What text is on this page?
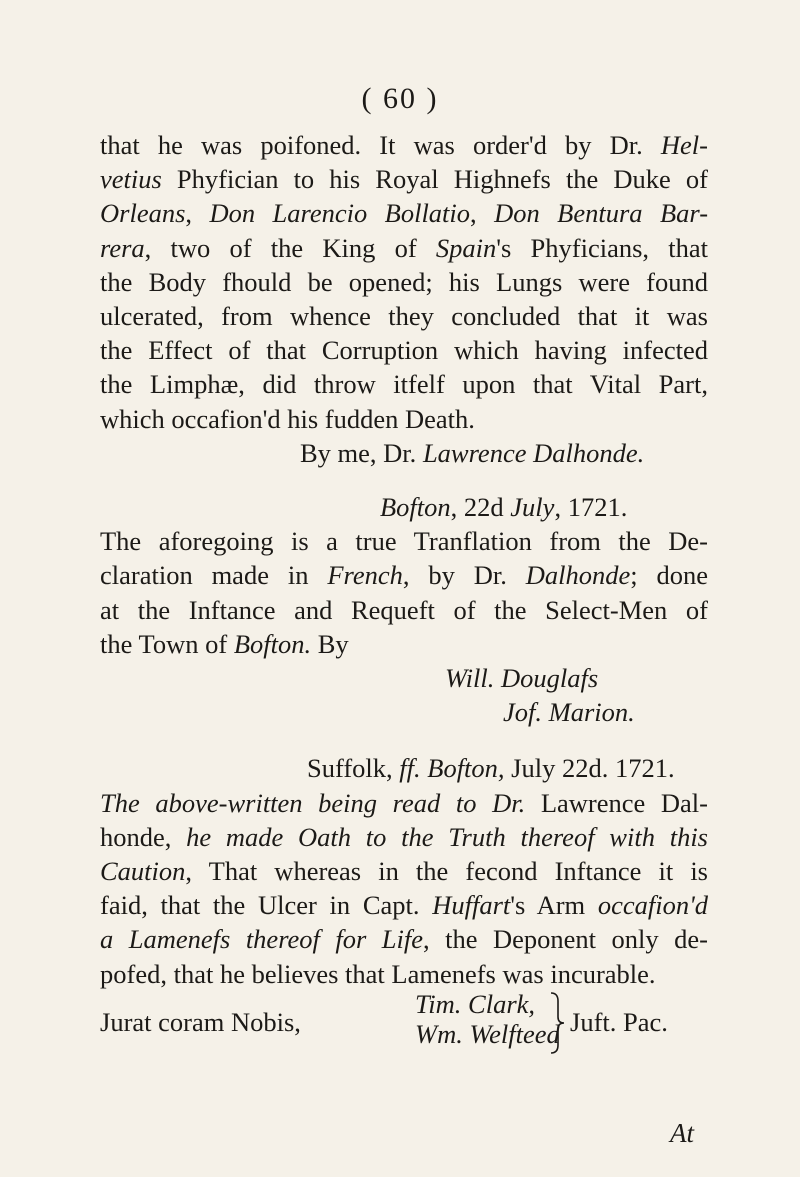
( 60 )
that he was poifoned. It was order'd by Dr. Hel-
vetius Phyfician to his Royal Highnefs the Duke of
Orleans, Don Larencio Bollatio, Don Bentura Bar-
rera, two of the King of Spain's Phyficians, that
the Body fhould be opened; his Lungs were found
ulcerated, from whence they concluded that it was
the Effect of that Corruption which having infected
the Limphæ, did throw itfelf upon that Vital Part,
which occafion'd his fudden Death.
By me, Dr. Lawrence Dalhonde.
Bofton, 22d July, 1721.
The aforegoing is a true Tranflation from the De-
claration made in French, by Dr. Dalhonde; done
at the Inftance and Requeft of the Select-Men of
the Town of Bofton. By
Will. Douglafs
Jof. Marion.
Suffolk, ff. Bofton, July 22d. 1721.
The above-written being read to Dr. Lawrence Dal-
honde, he made Oath to the Truth thereof with this
Caution, That whereas in the fecond Inftance it is
faid, that the Ulcer in Capt. Huffart's Arm occafion'd
a Lamenefs thereof for Life, the Deponent only de-
pofed, that he believes that Lamenefs was incurable.
Jurat coram Nobis,
Tim. Clark,
Wm. Welfteed Juft. Pac.
At
